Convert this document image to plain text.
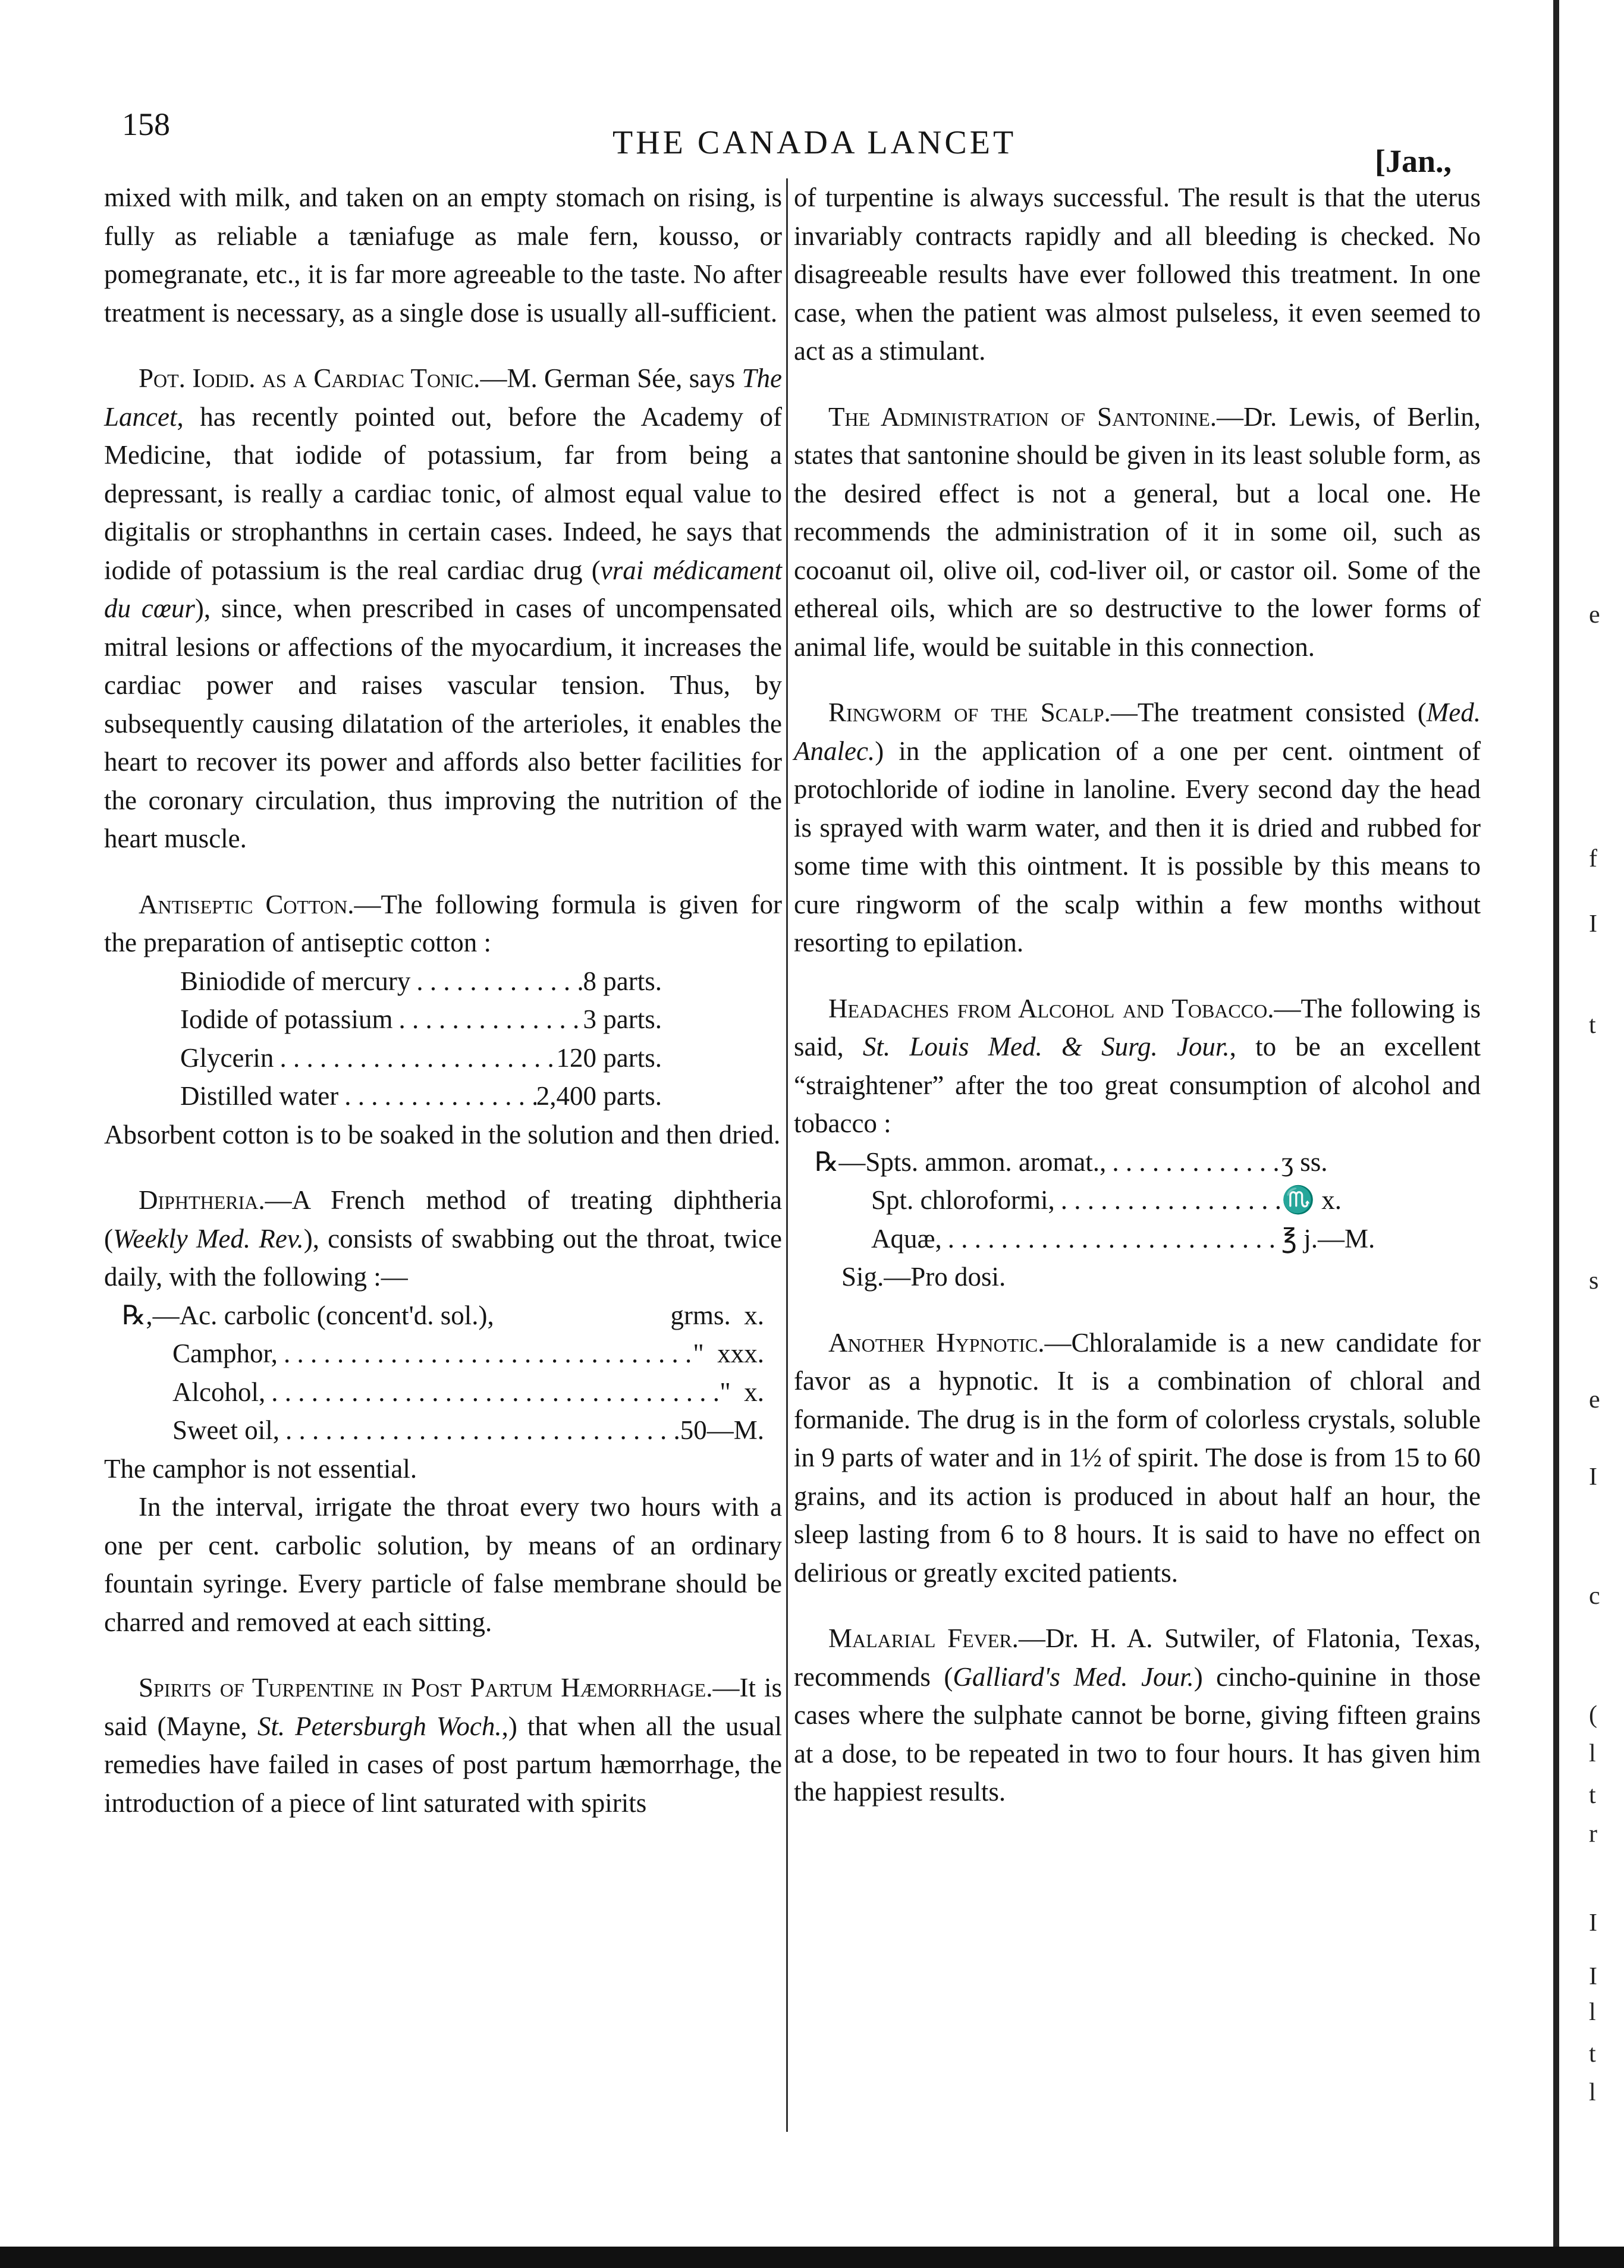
158	THE CANADA LANCET	[Jan.,

mixed with milk, and taken on an empty stomach on rising, is fully as reliable a tæniafuge as male fern, kousso, or pomegranate, etc., it is far more agreeable to the taste. No after treatment is necessary, as a single dose is usually all-sufficient.

Pot. Iodid. as a Cardiac Tonic.—M. German Sée, says The Lancet, has recently pointed out, before the Academy of Medicine, that iodide of potassium, far from being a depressant, is really a cardiac tonic, of almost equal value to digitalis or strophanthns in certain cases. Indeed, he says that iodide of potassium is the real cardiac drug (vrai médicament du cœur), since, when prescribed in cases of uncompensated mitral lesions or affections of the myocardium, it increases the cardiac power and raises vascular tension. Thus, by subsequently causing dilatation of the arterioles, it enables the heart to recover its power and affords also better facilities for the coronary circulation, thus improving the nutrition of the heart muscle.

Antiseptic Cotton.—The following formula is given for the preparation of antiseptic cotton :

Biniodide of mercury . . .	8 parts.
Iodide of potassium . . .	3 parts.
Glycerin . . .	120 parts.
Distilled water . . .	2,400 parts.

Absorbent cotton is to be soaked in the solution and then dried.

Diphtheria.—A French method of treating diphtheria (Weekly Med. Rev.), consists of swabbing out the throat, twice daily, with the following :—

℞,—Ac. carbolic (concent'd. sol.),	grms.  x.
Camphor, . . .	"  xxx.
Alcohol, . . .	"  x.
Sweet oil, . . .	50—M.

The camphor is not essential.

In the interval, irrigate the throat every two hours with a one per cent. carbolic solution, by means of an ordinary fountain syringe. Every particle of false membrane should be charred and removed at each sitting.

Spirits of Turpentine in Post Partum Hæmorrhage.—It is said (Mayne, St. Petersburgh Woch.,) that when all the usual remedies have failed in cases of post partum hæmorrhage, the introduction of a piece of lint saturated with spirits

of turpentine is always successful. The result is that the uterus invariably contracts rapidly and all bleeding is checked. No disagreeable results have ever followed this treatment. In one case, when the patient was almost pulseless, it even seemed to act as a stimulant.

The Administration of Santonine.—Dr. Lewis, of Berlin, states that santonine should be given in its least soluble form, as the desired effect is not a general, but a local one. He recommends the administration of it in some oil, such as cocoanut oil, olive oil, cod-liver oil, or castor oil. Some of the ethereal oils, which are so destructive to the lower forms of animal life, would be suitable in this connection.

Ringworm of the Scalp.—The treatment consisted (Med. Analec.) in the application of a one per cent. ointment of protochloride of iodine in lanoline. Every second day the head is sprayed with warm water, and then it is dried and rubbed for some time with this ointment. It is possible by this means to cure ringworm of the scalp within a few months without resorting to epilation.

Headaches from Alcohol and Tobacco.—The following is said, St. Louis Med. & Surg. Jour., to be an excellent “straightener” after the too great consumption of alcohol and tobacco :

℞—Spts. ammon. aromat., . . .	ʒ ss.
Spt. chloroformi, . . .	♏ x.
Aquæ, . . .	℥ j.—M.
Sig.—Pro dosi.

Another Hypnotic.—Chloralamide is a new candidate for favor as a hypnotic. It is a combination of chloral and formanide. The drug is in the form of colorless crystals, soluble in 9 parts of water and in 1½ of spirit. The dose is from 15 to 60 grains, and its action is produced in about half an hour, the sleep lasting from 6 to 8 hours. It is said to have no effect on delirious or greatly excited patients.

Malarial Fever.—Dr. H. A. Sutwiler, of Flatonia, Texas, recommends (Galliard's Med. Jour.) cincho-quinine in those cases where the sulphate cannot be borne, giving fifteen grains at a dose, to be repeated in two to four hours. It has given him the happiest results.

e
f
I
t
s
e
I
c
(
l
t
r
I
I
l
t
l
